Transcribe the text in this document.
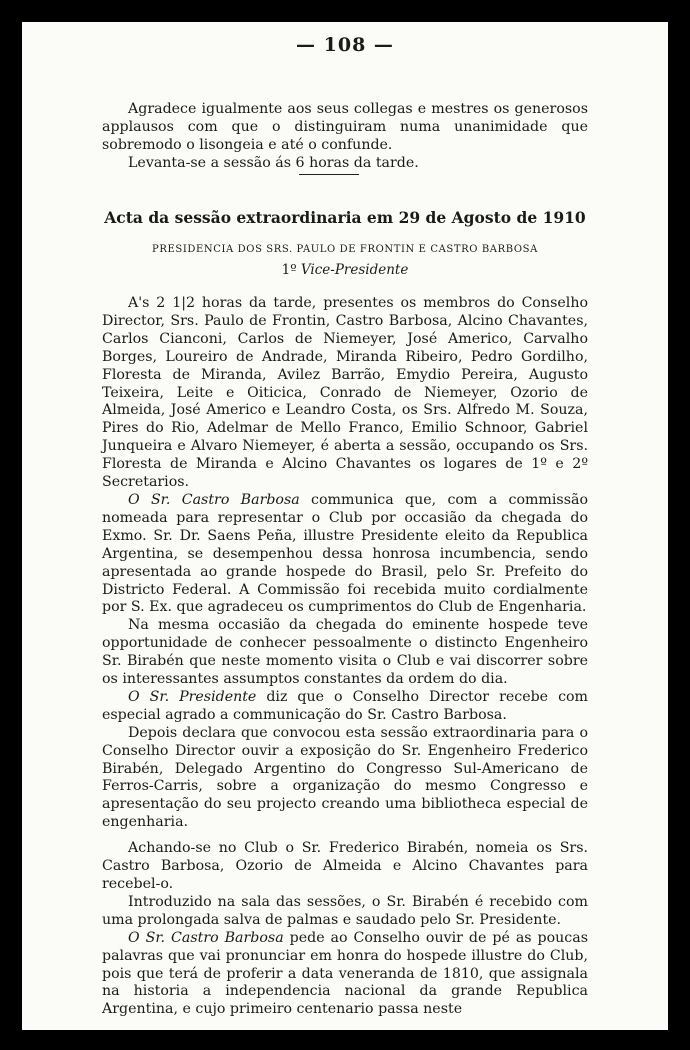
— 108 —

Agradece igualmente aos seus collegas e mestres os generosos applausos com que o distinguiram numa unanimidade que sobremodo o lisongeia e até o confunde.

Levanta-se a sessão ás 6 horas da tarde.

Acta da sessão extraordinaria em 29 de Agosto de 1910
PRESIDENCIA DOS SRS. PAULO DE FRONTIN E CASTRO BARBOSA
1º Vice-Presidente

A's 2 1|2 horas da tarde, presentes os membros do Conselho Director, Srs. Paulo de Frontin, Castro Barbosa, Alcino Chavantes, Carlos Cianconi, Carlos de Niemeyer, José Americo, Carvalho Borges, Loureiro de Andrade, Miranda Ribeiro, Pedro Gordilho, Floresta de Miranda, Avilez Barrão, Emydio Pereira, Augusto Teixeira, Leite e Oiticica, Conrado de Niemeyer, Ozorio de Almeida, José Americo e Leandro Costa, os Srs. Alfredo M. Souza, Pires do Rio, Adelmar de Mello Franco, Emilio Schnoor, Gabriel Junqueira e Alvaro Niemeyer, é aberta a sessão, occupando os Srs. Floresta de Miranda e Alcino Chavantes os logares de 1º e 2º Secretarios.

O Sr. Castro Barbosa communica que, com a commissão nomeada para representar o Club por occasião da chegada do Exmo. Sr. Dr. Saens Peña, illustre Presidente eleito da Republica Argentina, se desempenhou dessa honrosa incumbencia, sendo apresentada ao grande hospede do Brasil, pelo Sr. Prefeito do Districto Federal. A Commissão foi recebida muito cordialmente por S. Ex. que agradeceu os cumprimentos do Club de Engenharia.

Na mesma occasião da chegada do eminente hospede teve opportunidade de conhecer pessoalmente o distincto Engenheiro Sr. Birabén que neste momento visita o Club e vai discorrer sobre os interessantes assumptos constantes da ordem do dia.

O Sr. Presidente diz que o Conselho Director recebe com especial agrado a communicação do Sr. Castro Barbosa.

Depois declara que convocou esta sessão extraordinaria para o Conselho Director ouvir a exposição do Sr. Engenheiro Frederico Birabén, Delegado Argentino do Congresso Sul-Americano de Ferros-Carris, sobre a organização do mesmo Congresso e apresentação do seu projecto creando uma bibliotheca especial de engenharia.

Achando-se no Club o Sr. Frederico Birabén, nomeia os Srs. Castro Barbosa, Ozorio de Almeida e Alcino Chavantes para recebel-o.

Introduzido na sala das sessões, o Sr. Birabén é recebido com uma prolongada salva de palmas e saudado pelo Sr. Presidente.

O Sr. Castro Barbosa pede ao Conselho ouvir de pé as poucas palavras que vai pronunciar em honra do hospede illustre do Club, pois que terá de proferir a data veneranda de 1810, que assignala na historia a independencia nacional da grande Republica Argentina, e cujo primeiro centenario passa neste
